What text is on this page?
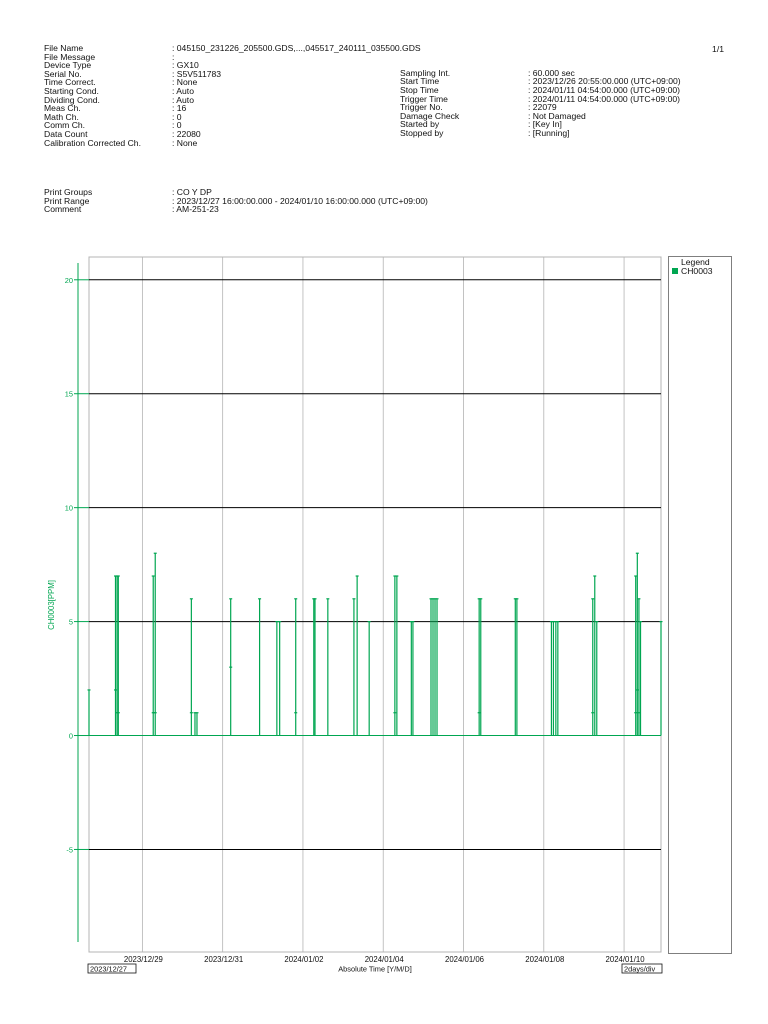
1/1
File Name	: 045150_231226_205500.GDS,...,045517_240111_035500.GDS
File Message	:
Device Type	: GX10
Serial No.	: S5V511783
Time Correct.	: None
Starting Cond.	: Auto
Dividing Cond.	: Auto
Meas Ch.	: 16
Math Ch.	: 0
Comm Ch.	: 0
Data Count	: 22080
Calibration Corrected Ch.	: None
Sampling Int.	: 60.000 sec
Start Time	: 2023/12/26 20:55:00.000 (UTC+09:00)
Stop Time	: 2024/01/11 04:54:00.000 (UTC+09:00)
Trigger Time	: 2024/01/11 04:54:00.000 (UTC+09:00)
Trigger No.	: 22079
Damage Check	: Not Damaged
Started by	: [Key In]
Stopped by	: [Running]
Print Groups	: CO Y DP
Print Range	: 2023/12/27 16:00:00.000 - 2024/01/10 16:00:00.000 (UTC+09:00)
Comment	: AM-251-23
-5
0
5
10
15
20
CH0003[PPM]
2023/12/29	2023/12/31	2024/01/02	2024/01/04	2024/01/06	2024/01/08	2024/01/10
2023/12/27	2days/div
Absolute Time [Y/M/D]
Legend
CH0003
